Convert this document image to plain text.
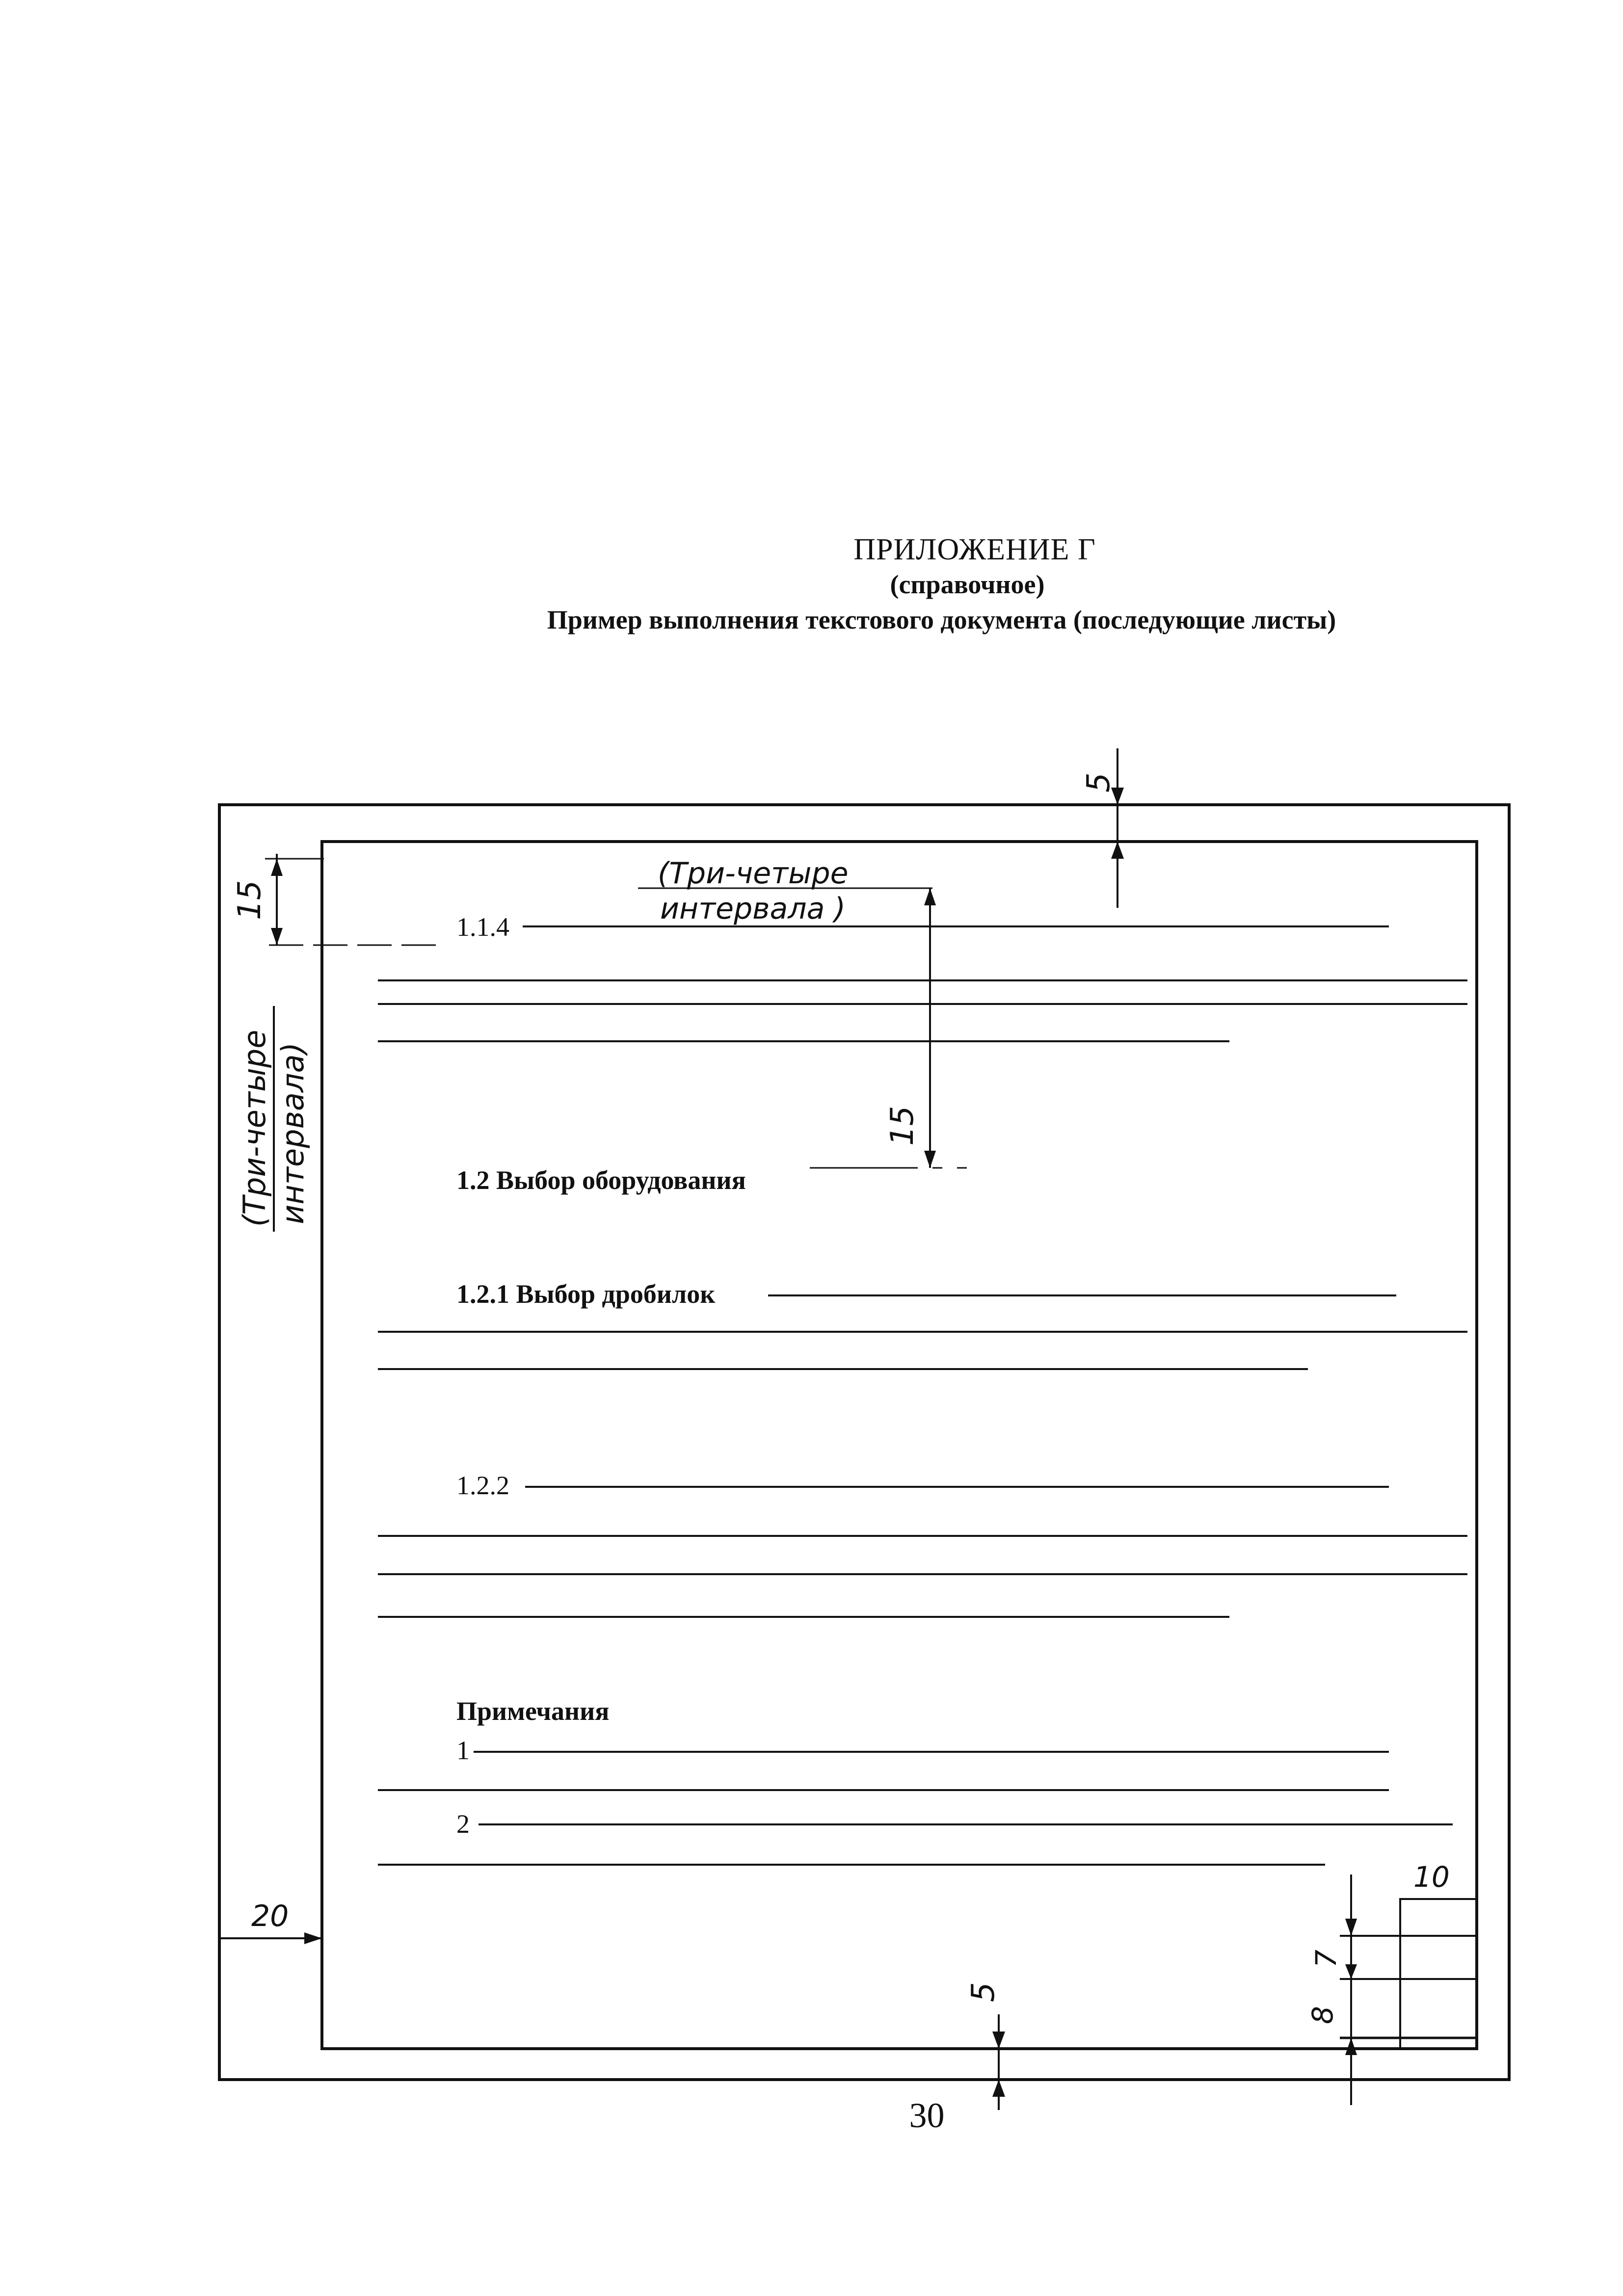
ПРИЛОЖЕНИЕ Г
(справочное)
Пример выполнения текстового документа (последующие листы)
5
5
15
15
20
10
7
8
(Три-четыре
интервала )
(Три-четыре интервала)
1.1.4
1.2 Выбор оборудования
1.2.1 Выбор дробилок
1.2.2
Примечания
1
2
30
